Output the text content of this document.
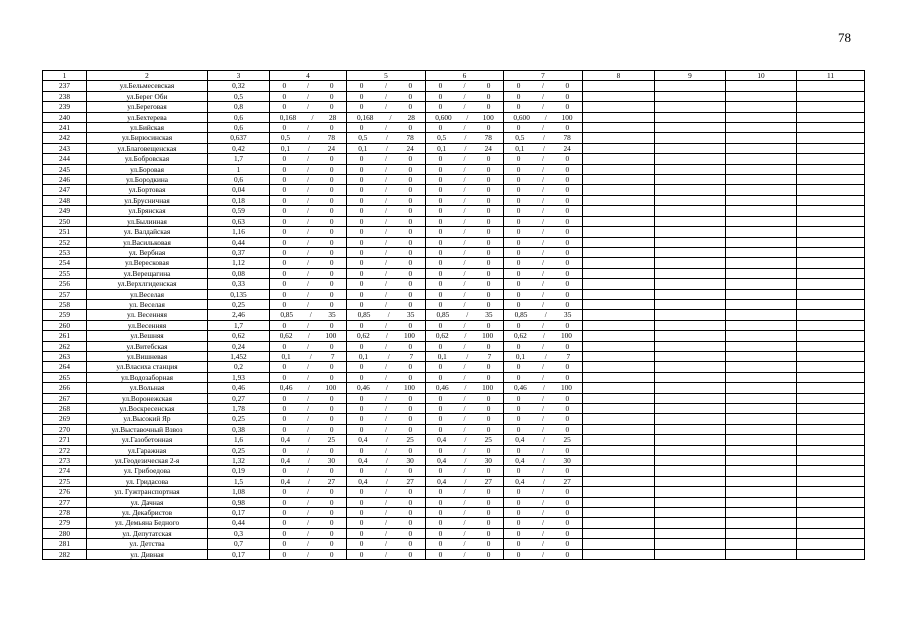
78
1	2	3	4	5	6	7	8	9	10	11
237	ул.Бельмесевская	0,32	0 / 0	0 / 0	0 / 0	0 / 0				

238	ул.Берег Оби	0,5	0 / 0	0 / 0	0 / 0	0 / 0				

239	ул.Береговая	0,8	0 / 0	0 / 0	0 / 0	0 / 0				

240	ул.Бехтерева	0,6	0,168 / 28	0,168 / 28	0,600 / 100	0,600 / 100				

241	ул.Бийская	0,6	0 / 0	0 / 0	0 / 0	0 / 0				

242	ул.Бирюсинская	0,637	0,5 / 78	0,5 / 78	0,5 / 78	0,5 / 78				

243	ул.Благовещенская	0,42	0,1 / 24	0,1 / 24	0,1 / 24	0,1 / 24				

244	ул.Бобровская	1,7	0 / 0	0 / 0	0 / 0	0 / 0				

245	ул.Боровая	1	0 / 0	0 / 0	0 / 0	0 / 0				

246	ул.Бородкина	0,6	0 / 0	0 / 0	0 / 0	0 / 0				

247	ул.Бортовая	0,04	0 / 0	0 / 0	0 / 0	0 / 0				

248	ул.Брусничная	0,18	0 / 0	0 / 0	0 / 0	0 / 0				

249	ул.Брянская	0,59	0 / 0	0 / 0	0 / 0	0 / 0				

250	ул.Былинная	0,63	0 / 0	0 / 0	0 / 0	0 / 0				

251	ул. Валдайская	1,16	0 / 0	0 / 0	0 / 0	0 / 0				

252	ул.Васильковая	0,44	0 / 0	0 / 0	0 / 0	0 / 0				

253	ул. Вербная	0,37	0 / 0	0 / 0	0 / 0	0 / 0				

254	ул.Вересковая	1,12	0 / 0	0 / 0	0 / 0	0 / 0				

255	ул.Верещагина	0,08	0 / 0	0 / 0	0 / 0	0 / 0				

256	ул.Верхлгиденская	0,33	0 / 0	0 / 0	0 / 0	0 / 0				

257	ул.Веселая	0,135	0 / 0	0 / 0	0 / 0	0 / 0				

258	ул. Веселая	0,25	0 / 0	0 / 0	0 / 0	0 / 0				

259	ул. Весенняя	2,46	0,85 / 35	0,85 / 35	0,85 / 35	0,85 / 35				

260	ул.Весенняя	1,7	0 / 0	0 / 0	0 / 0	0 / 0				

261	ул.Вешняя	0,62	0,62 / 100	0,62 / 100	0,62 / 100	0,62 / 100				

262	ул.Витебская	0,24	0 / 0	0 / 0	0 / 0	0 / 0				

263	ул.Вишневая	1,452	0,1 / 7	0,1 / 7	0,1 / 7	0,1 / 7				

264	ул.Власиха станция	0,2	0 / 0	0 / 0	0 / 0	0 / 0				

265	ул.Водозаборная	1,93	0 / 0	0 / 0	0 / 0	0 / 0				

266	ул.Вольная	0,46	0,46 / 100	0,46 / 100	0,46 / 100	0,46 / 100				

267	ул.Воронежская	0,27	0 / 0	0 / 0	0 / 0	0 / 0				

268	ул.Воскресенская	1,78	0 / 0	0 / 0	0 / 0	0 / 0				

269	ул.Высокий Яр	0,25	0 / 0	0 / 0	0 / 0	0 / 0				

270	ул.Выставочный Взвоз	0,38	0 / 0	0 / 0	0 / 0	0 / 0				

271	ул.Газобетонная	1,6	0,4 / 25	0,4 / 25	0,4 / 25	0,4 / 25				

272	ул.Гаражная	0,25	0 / 0	0 / 0	0 / 0	0 / 0				

273	ул.Геодезическая 2-я	1,32	0,4 / 30	0,4 / 30	0,4 / 30	0,4 / 30				

274	ул. Грибоедова	0,19	0 / 0	0 / 0	0 / 0	0 / 0				

275	ул. Гридасова	1,5	0,4 / 27	0,4 / 27	0,4 / 27	0,4 / 27				

276	ул. Гужтранспортная	1,08	0 / 0	0 / 0	0 / 0	0 / 0				

277	ул. Дачная	0,98	0 / 0	0 / 0	0 / 0	0 / 0				

278	ул. Декабристов	0,17	0 / 0	0 / 0	0 / 0	0 / 0				

279	ул. Демьяна Бедного	0,44	0 / 0	0 / 0	0 / 0	0 / 0				

280	ул. Депутатская	0,3	0 / 0	0 / 0	0 / 0	0 / 0				

281	ул. Детства	0,7	0 / 0	0 / 0	0 / 0	0 / 0				

282	ул. Дивная	0,17	0 / 0	0 / 0	0 / 0	0 / 0				
